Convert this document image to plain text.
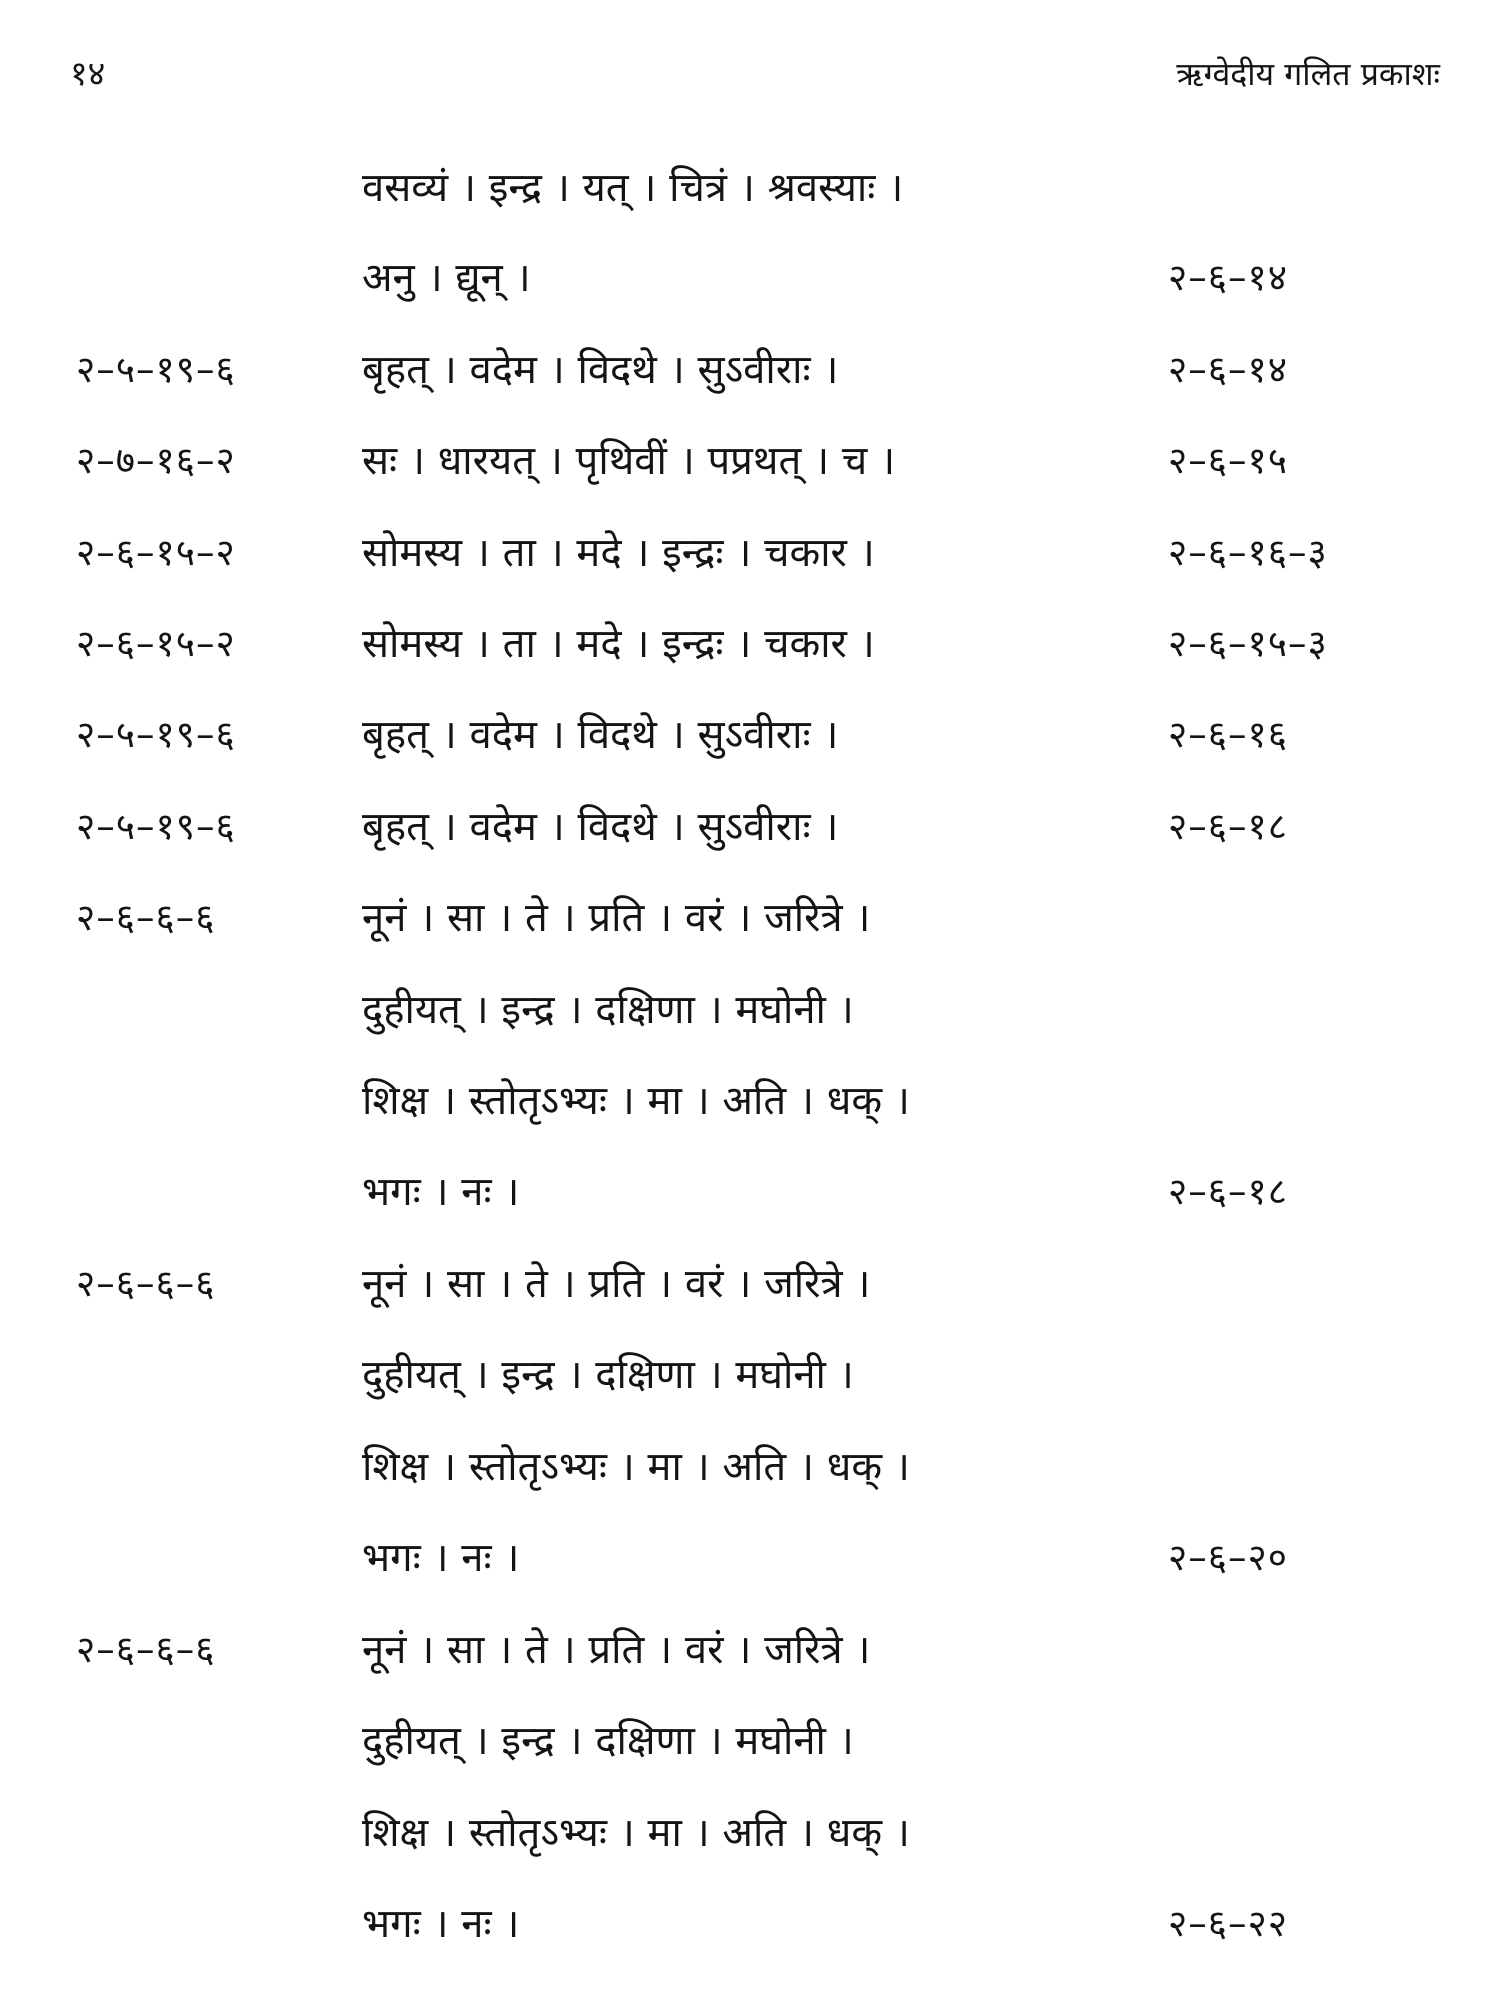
१४	ऋग्वेदीय गलित प्रकाशः
वसव्यं । इन्द्र । यत् । चित्रं । श्रवस्याः ।
अनु । द्यून् ।	२–६–१४
२–५–१९–६	बृहत् । वदेम । विदथे । सुऽवीराः ।	२–६–१४
२–७–१६–२	सः । धारयत् । पृथिवीं । पप्रथत् । च ।	२–६–१५
२–६–१५–२	सोमस्य । ता । मदे । इन्द्रः । चकार ।	२–६–१६–३
२–६–१५–२	सोमस्य । ता । मदे । इन्द्रः । चकार ।	२–६–१५–३
२–५–१९–६	बृहत् । वदेम । विदथे । सुऽवीराः ।	२–६–१६
२–५–१९–६	बृहत् । वदेम । विदथे । सुऽवीराः ।	२–६–१८
२–६–६–६	नूनं । सा । ते । प्रति । वरं । जरित्रे ।
दुहीयत् । इन्द्र । दक्षिणा । मघोनी ।
शिक्ष । स्तोतृऽभ्यः । मा । अति । धक् ।
भगः । नः ।	२–६–१८
२–६–६–६	नूनं । सा । ते । प्रति । वरं । जरित्रे ।
दुहीयत् । इन्द्र । दक्षिणा । मघोनी ।
शिक्ष । स्तोतृऽभ्यः । मा । अति । धक् ।
भगः । नः ।	२–६–२०
२–६–६–६	नूनं । सा । ते । प्रति । वरं । जरित्रे ।
दुहीयत् । इन्द्र । दक्षिणा । मघोनी ।
शिक्ष । स्तोतृऽभ्यः । मा । अति । धक् ।
भगः । नः ।	२–६–२२
